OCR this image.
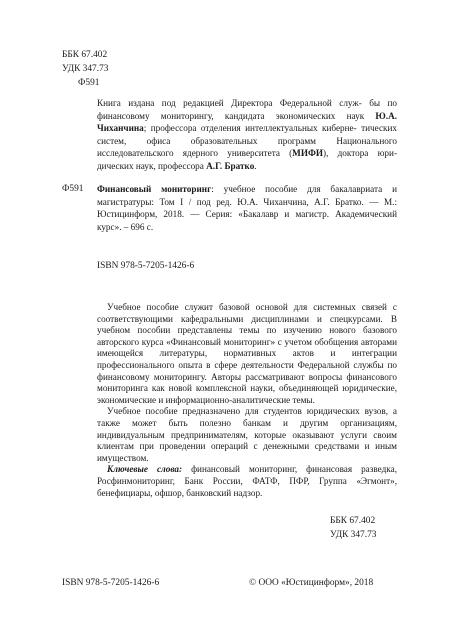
ББК 67.402
УДК 347.73
Ф591

Книга издана под редакцией Директора Федеральной служ- бы по финансовому мониторингу, кандидата экономических наук Ю.А. Чиханчина; профессора отделения интеллектуальных киберне- тических систем, офиса образовательных программ Национального исследовательского ядерного университета (МИФИ), доктора юри- дических наук, профессора А.Г. Братко.

Ф591 Финансовый мониторинг: учебное пособие для бакалавриата и магистратуры: Том I / под ред. Ю.А. Чиханчина, А.Г. Братко. — М.: Юстицинформ, 2018. — Серия: «Бакалавр и магистр. Академический курс». – 696 с.
ISBN 978-5-7205-1426-6

Учебное пособие служит базовой основой для системных связей с соответствующими кафедральными дисциплинами и спецкурсами. В учебном пособии представлены темы по изучению нового базового авторского курса «Финансовый мониторинг» с учетом обобщения авторами имеющейся литературы, нормативных актов и интеграции профессионального опыта в сфере деятельности Федеральной службы по финансовому мониторингу. Авторы рассматривают вопросы финансового мониторинга как новой комплексной науки, объединяющей юридические, экономические и информационно-аналитические темы.

Учебное пособие предназначено для студентов юридических вузов, а также может быть полезно банкам и другим организациям, индивидуальным предпринимателям, которые оказывают услуги своим клиентам при проведении операций с денежными средствами и иным имуществом.

Ключевые слова: финансовый мониторинг, финансовая разведка, Росфинмониторинг, Банк России, ФАТФ, ПФР, Группа «Эгмонт», бенефициары, офшор, банковский надзор.

ББК 67.402
УДК 347.73
ISBN 978-5-7205-1426-6	© ООО «Юстицинформ», 2018
